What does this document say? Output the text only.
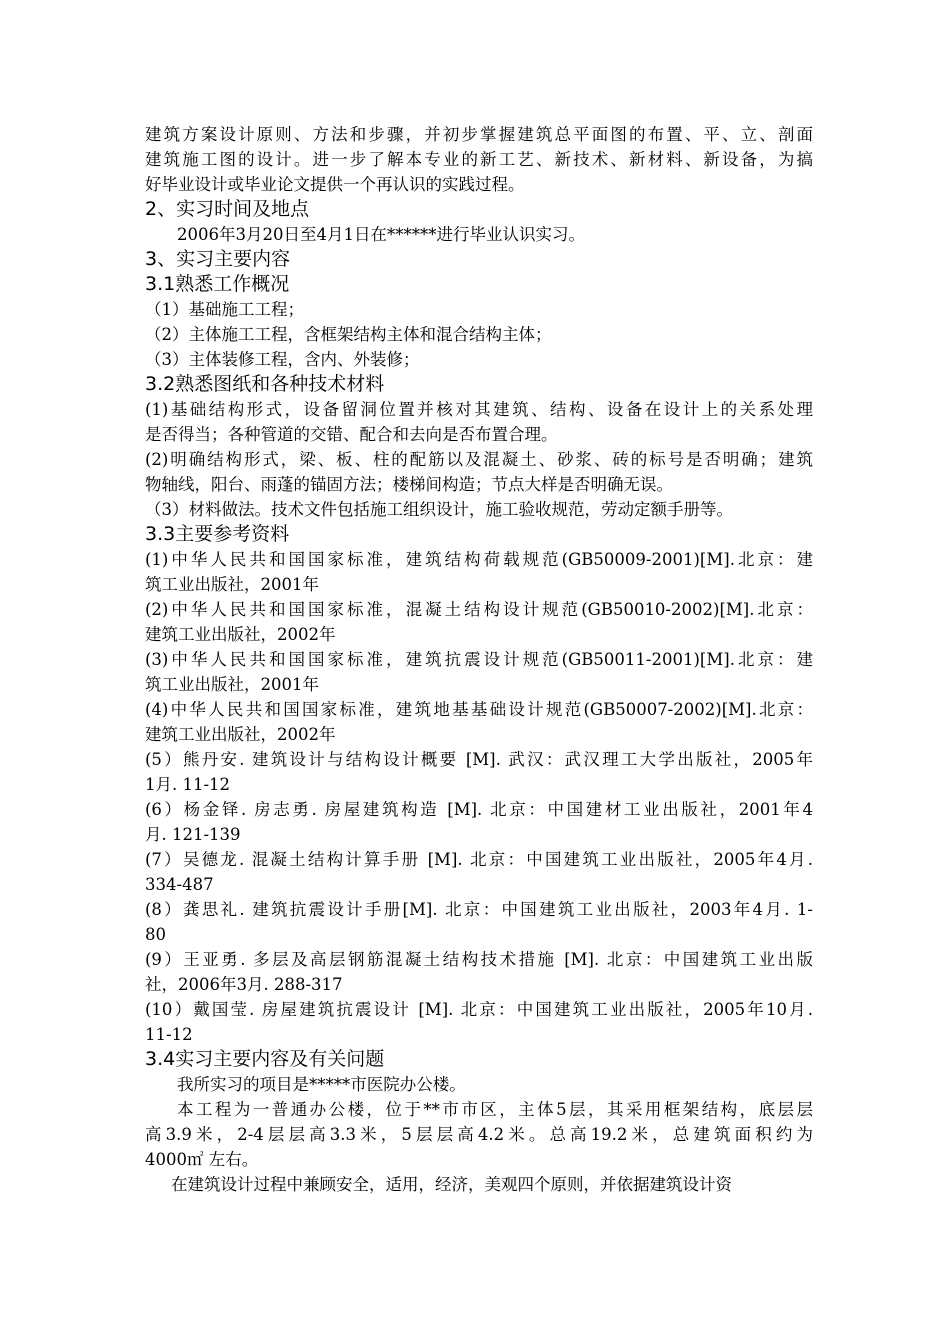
建筑方案设计原则、方法和步骤，并初步掌握建筑总平面图的布置、平、立、剖面
建筑施工图的设计。进一步了解本专业的新工艺、新技术、新材料、新设备，为搞
好毕业设计或毕业论文提供一个再认识的实践过程。
2、实习时间及地点
2006年3月20日至4月1日在******进行毕业认识实习。
3、实习主要内容
3.1熟悉工作概况
（1）基础施工工程；
（2）主体施工工程，含框架结构主体和混合结构主体；
（3）主体装修工程，含内、外装修；
3.2熟悉图纸和各种技术材料
(1)基础结构形式，设备留洞位置并核对其建筑、结构、设备在设计上的关系处理
是否得当；各种管道的交错、配合和去向是否布置合理。
(2)明确结构形式，梁、板、柱的配筋以及混凝土、砂浆、砖的标号是否明确；建筑
物轴线，阳台、雨蓬的锚固方法；楼梯间构造；节点大样是否明确无误。
（3）材料做法。技术文件包括施工组织设计，施工验收规范，劳动定额手册等。
3.3主要参考资料
(1)中华人民共和国国家标准，建筑结构荷载规范(GB50009-2001)[M].北京：建
筑工业出版社，2001年
(2)中华人民共和国国家标准，混凝土结构设计规范(GB50010-2002)[M].北京：
建筑工业出版社，2002年
(3)中华人民共和国国家标准，建筑抗震设计规范(GB50011-2001)[M].北京：建
筑工业出版社，2001年
(4)中华人民共和国国家标准，建筑地基基础设计规范(GB50007-2002)[M].北京：
建筑工业出版社，2002年
(5）熊丹安. 建筑设计与结构设计概要 [M]. 武汉：武汉理工大学出版社，2005年
1月. 11-12
(6）杨金铎. 房志勇. 房屋建筑构造 [M]. 北京：中国建材工业出版社，2001年4
月. 121-139
(7）吴德龙. 混凝土结构计算手册 [M]. 北京：中国建筑工业出版社，2005年4月.
334-487
(8）龚思礼. 建筑抗震设计手册[M]. 北京：中国建筑工业出版社，2003年4月. 1-
80
(9）王亚勇. 多层及高层钢筋混凝土结构技术措施 [M]. 北京：中国建筑工业出版
社，2006年3月. 288-317
(10）戴国莹. 房屋建筑抗震设计 [M]. 北京：中国建筑工业出版社，2005年10月.
11-12
3.4实习主要内容及有关问题
我所实习的项目是*****市医院办公楼。
本工程为一普通办公楼，位于**市市区，主体5层，其采用框架结构，底层层
高3.9米，2-4层层高3.3米，5层层高4.2米。总高19.2米，总建筑面积约为
4000㎡ 左右。
在建筑设计过程中兼顾安全，适用，经济，美观四个原则，并依据建筑设计资
